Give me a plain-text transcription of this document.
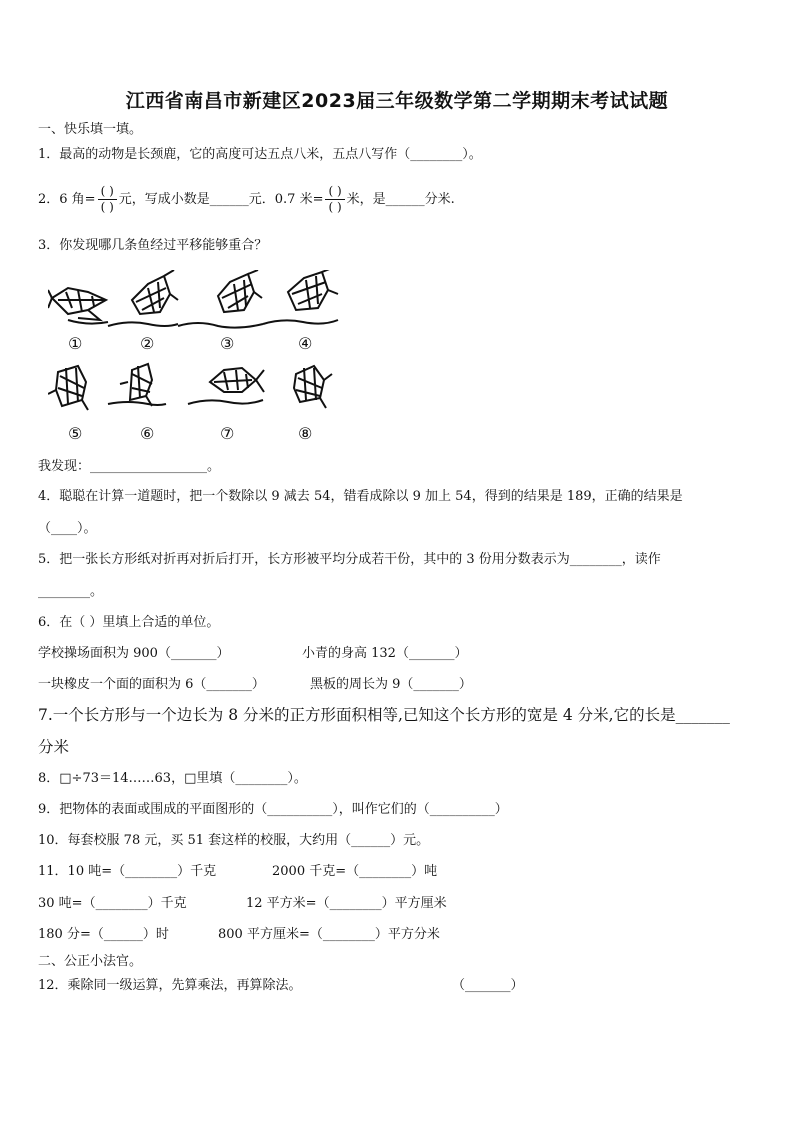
江西省南昌市新建区2023届三年级数学第二学期期末考试试题
一、快乐填一填。
1．最高的动物是长颈鹿，它的高度可达五点八米，五点八写作（________）。
2．6 角= $\frac{( )}{( )}$ 元，写成小数是______元．0.7 米= $\frac{( )}{( )}$ 米，是______分米.
3．你发现哪几条鱼经过平移能够重合？
①	②	③	④
⑤	⑥	⑦	⑧
我发现：__________________。
4．聪聪在计算一道题时，把一个数除以 9 减去 54，错看成除以 9 加上 54，得到的结果是 189，正确的结果是
（____）。
5．把一张长方形纸对折再对折后打开，长方形被平均分成若干份，其中的 3 份用分数表示为________，读作
________。
6．在（ ）里填上合适的单位。
学校操场面积为 900（_______）	小青的身高 132（_______）
一块橡皮一个面的面积为 6（_______）	黑板的周长为 9（_______）
7.一个长方形与一个边长为 8 分米的正方形面积相等,已知这个长方形的宽是 4 分米,它的长是_______
分米
8．□÷73＝14……63，□里填（________）。
9．把物体的表面或围成的平面图形的（__________），叫作它们的（__________）
10．每套校服 78 元，买 51 套这样的校服，大约用（______）元。
11．10 吨=（________）千克	2000 千克=（________）吨
30 吨=（________）千克	12 平方米=（________）平方厘米
180 分=（______）时	800 平方厘米=（________）平方分米
二、公正小法官。
12．乘除同一级运算，先算乘法，再算除法。	（_______）
